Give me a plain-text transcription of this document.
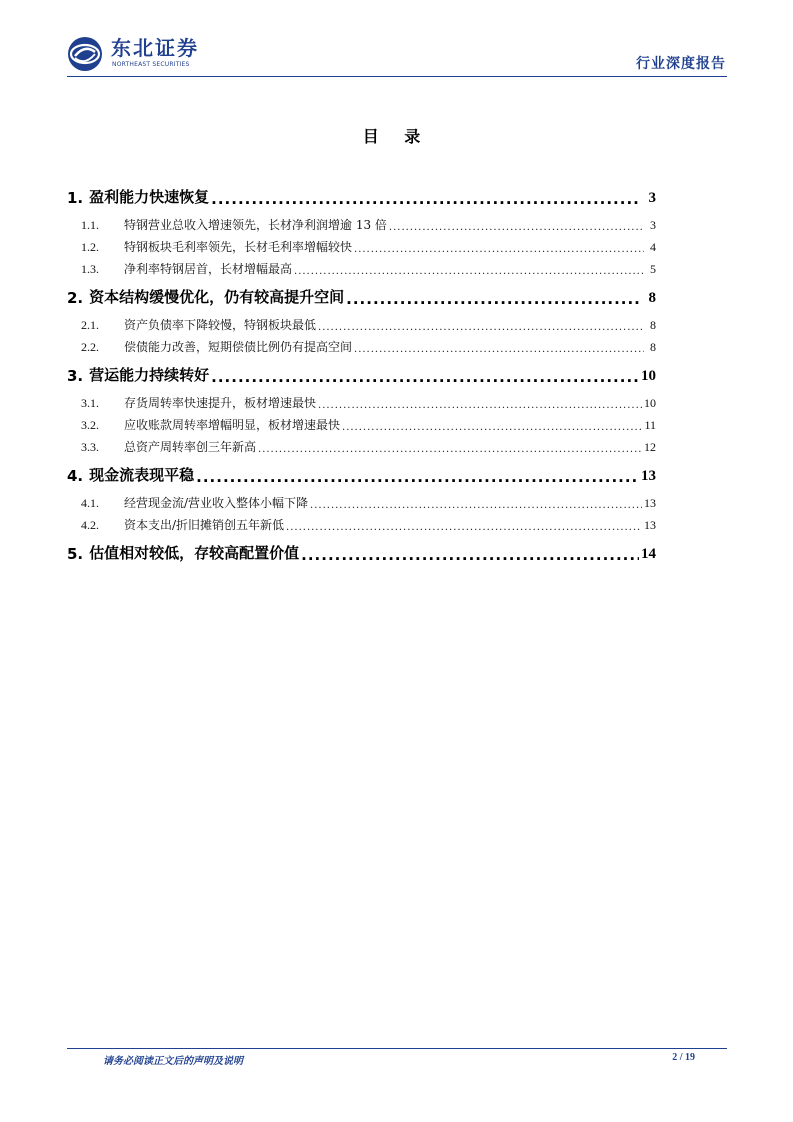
东北证券
NORTHEAST SECURITIES	行业深度报告
目 录
1. 盈利能力快速恢复 .....	3
1.1.	特钢营业总收入增速领先，长材净利润增逾 13 倍 .....	3
1.2.	特钢板块毛利率领先，长材毛利率增幅较快 .....	4
1.3.	净利率特钢居首，长材增幅最高 .....	5
2. 资本结构缓慢优化，仍有较高提升空间 .....	8
2.1.	资产负债率下降较慢，特钢板块最低 .....	8
2.2.	偿债能力改善，短期偿债比例仍有提高空间 .....	8
3. 营运能力持续转好 .....	10
3.1.	存货周转率快速提升，板材增速最快 .....	10
3.2.	应收账款周转率增幅明显，板材增速最快 .....	11
3.3.	总资产周转率创三年新高 .....	12
4. 现金流表现平稳 .....	13
4.1.	经营现金流/营业收入整体小幅下降 .....	13
4.2.	资本支出/折旧摊销创五年新低 .....	13
5. 估值相对较低，存较高配置价值 .....	14
请务必阅读正文后的声明及说明	2 / 19
